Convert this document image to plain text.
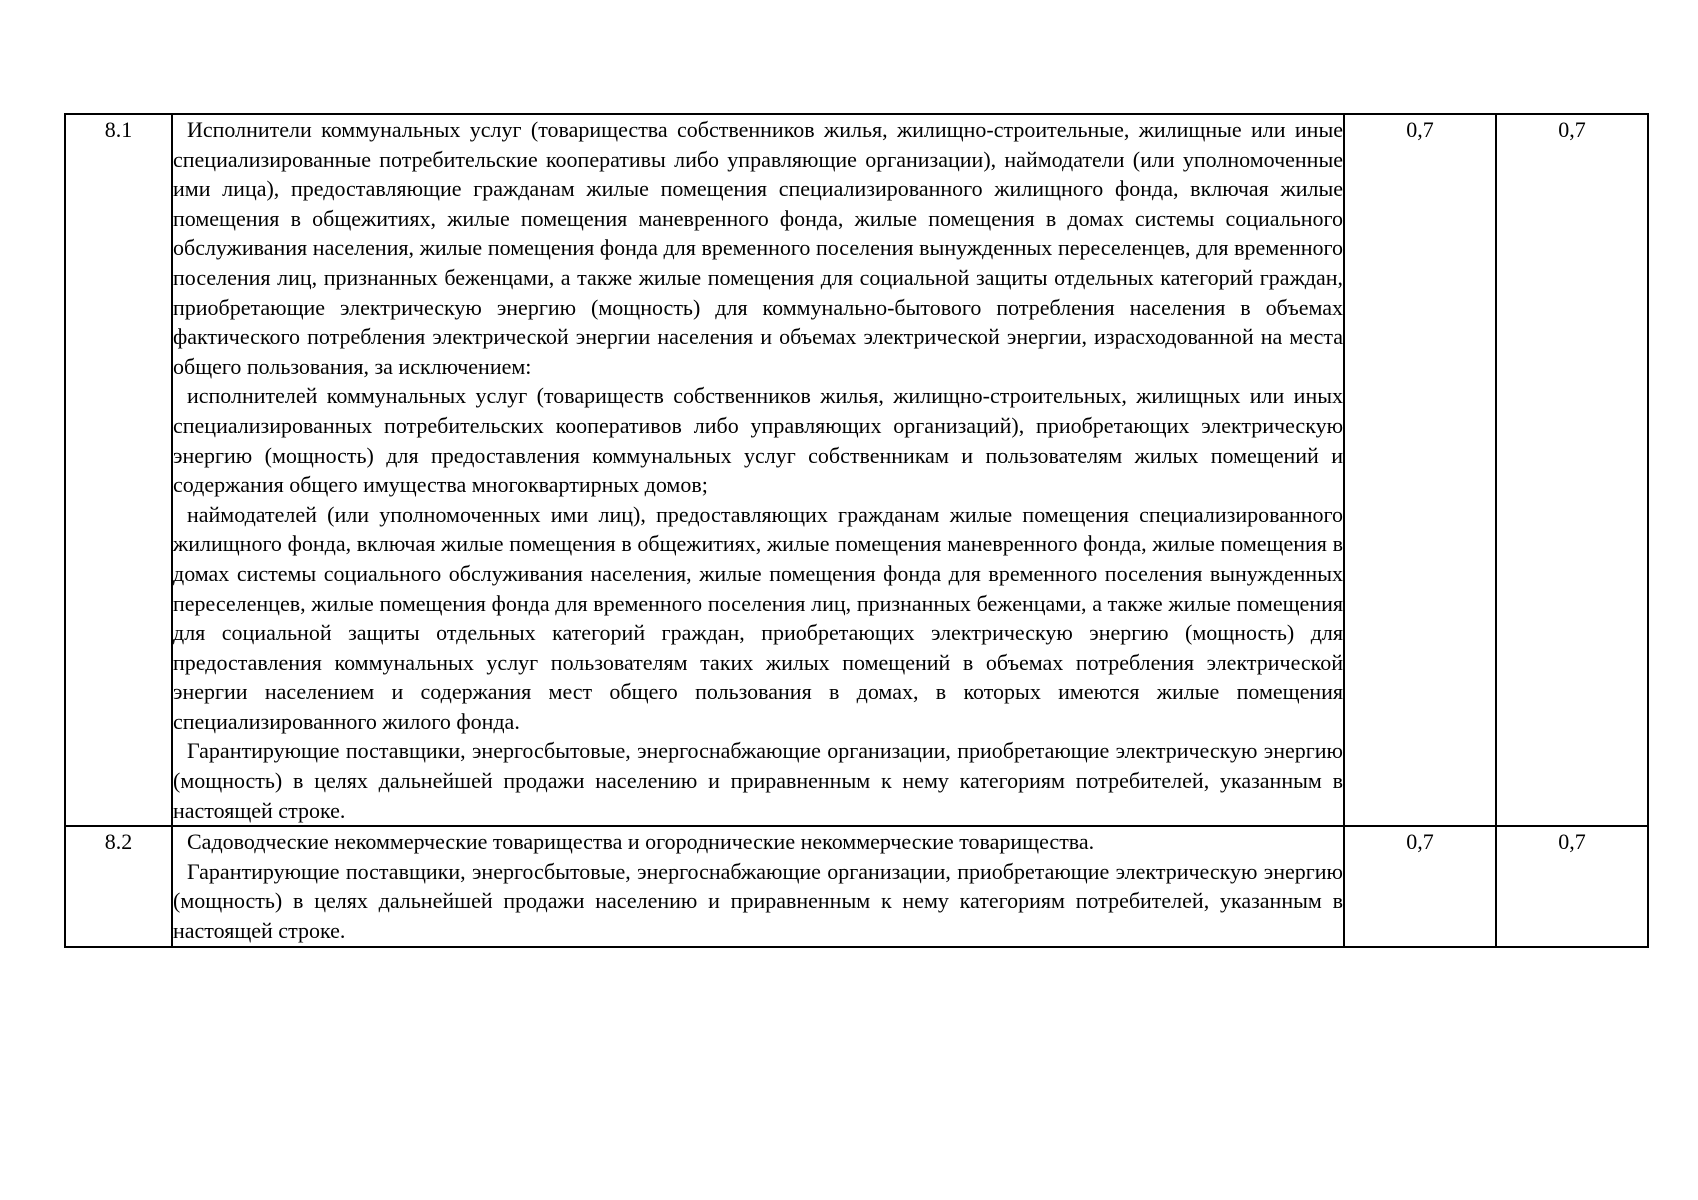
8.1	Исполнители коммунальных услуг (товарищества собственников жилья, жилищно-строительные, жилищные или иные специализированные потребительские кооперативы либо управляющие организации), наймодатели (или уполномоченные ими лица), предоставляющие гражданам жилые помещения специализированного жилищного фонда, включая жилые помещения в общежитиях, жилые помещения маневренного фонда, жилые помещения в домах системы социального обслуживания населения, жилые помещения фонда для временного поселения вынужденных переселенцев, для временного поселения лиц, признанных беженцами, а также жилые помещения для социальной защиты отдельных категорий граждан, приобретающие электрическую энергию (мощность) для коммунально-бытового потребления населения в объемах фактического потребления электрической энергии населения и объемах электрической энергии, израсходованной на места общего пользования, за исключением:

исполнителей коммунальных услуг (товариществ собственников жилья, жилищно-строительных, жилищных или иных специализированных потребительских кооперативов либо управляющих организаций), приобретающих электрическую энергию (мощность) для предоставления коммунальных услуг собственникам и пользователям жилых помещений и содержания общего имущества многоквартирных домов;

наймодателей (или уполномоченных ими лиц), предоставляющих гражданам жилые помещения специализированного жилищного фонда, включая жилые помещения в общежитиях, жилые помещения маневренного фонда, жилые помещения в домах системы социального обслуживания населения, жилые помещения фонда для временного поселения вынужденных переселенцев, жилые помещения фонда для временного поселения лиц, признанных беженцами, а также жилые помещения для социальной защиты отдельных категорий граждан, приобретающих электрическую энергию (мощность) для предоставления коммунальных услуг пользователям таких жилых помещений в объемах потребления электрической энергии населением и содержания мест общего пользования в домах, в которых имеются жилые помещения специализированного жилого фонда.

Гарантирующие поставщики, энергосбытовые, энергоснабжающие организации, приобретающие электрическую энергию (мощность) в целях дальнейшей продажи населению и приравненным к нему категориям потребителей, указанным в настоящей строке.	0,7	0,7
8.2	Садоводческие некоммерческие товарищества и огороднические некоммерческие товарищества.

Гарантирующие поставщики, энергосбытовые, энергоснабжающие организации, приобретающие электрическую энергию (мощность) в целях дальнейшей продажи населению и приравненным к нему категориям потребителей, указанным в настоящей строке.	0,7	0,7
